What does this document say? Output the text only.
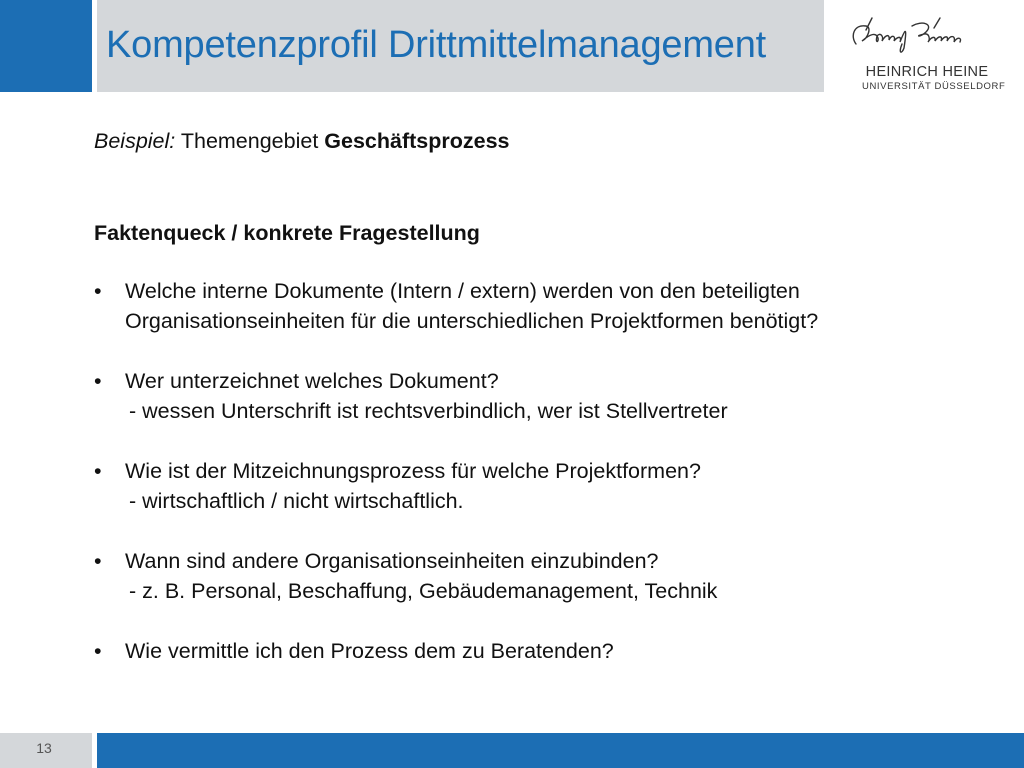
Kompetenzprofil Drittmittelmanagement
HEINRICH HEINE
UNIVERSITÄT DÜSSELDORF
Beispiel: Themengebiet Geschäftsprozess
Faktenqueck / konkrete Fragestellung
• Welche interne Dokumente (Intern / extern) werden von den beteiligten Organisationseinheiten für die unterschiedlichen Projektformen benötigt?
• Wer unterzeichnet welches Dokument?
- wessen Unterschrift ist rechtsverbindlich, wer ist Stellvertreter
• Wie ist der Mitzeichnungsprozess für welche Projektformen?
- wirtschaftlich / nicht wirtschaftlich.
• Wann sind andere Organisationseinheiten einzubinden?
- z. B. Personal, Beschaffung, Gebäudemanagement, Technik
• Wie vermittle ich den Prozess dem zu Beratenden?
13
